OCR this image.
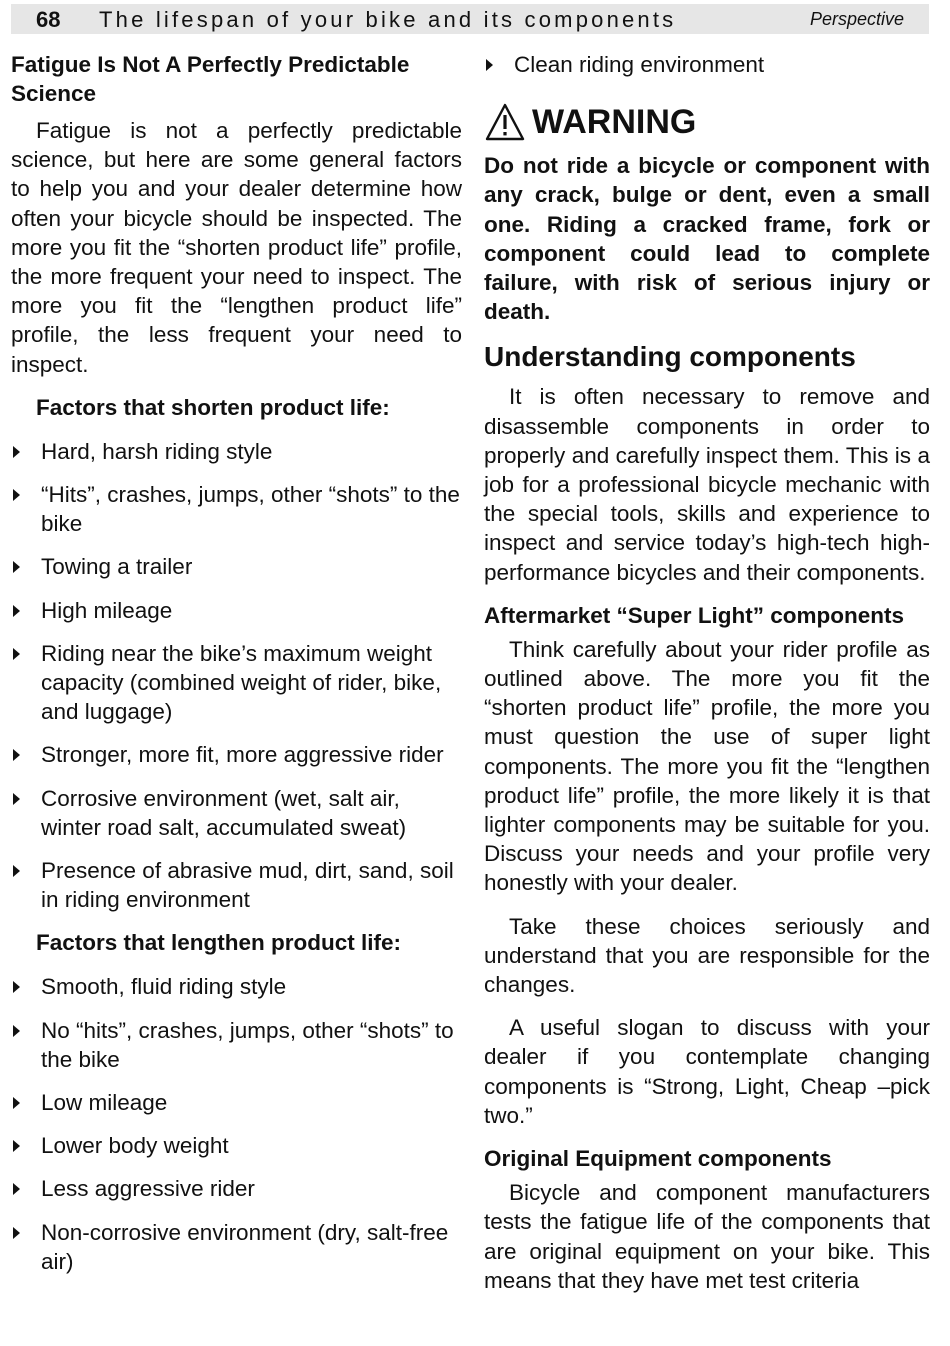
68 The lifespan of your bike and its components	Perspective
Fatigue Is Not A Perfectly Predictable Science

Fatigue is not a perfectly predictable science, but here are some general factors to help you and your dealer determine how often your bicycle should be inspected. The more you fit the “shorten product life” profile, the more frequent your need to inspect. The more you fit the “lengthen product life” profile, the less frequent your need to inspect.

Factors that shorten product life:
Hard, harsh riding style
“Hits”, crashes, jumps, other “shots” to the bike
Towing a trailer
High mileage
Riding near the bike’s maximum weight capacity (combined weight of rider, bike, and luggage)
Stronger, more fit, more aggressive rider
Corrosive environment (wet, salt air, winter road salt, accumulated sweat)
Presence of abrasive mud, dirt, sand, soil in riding environment
Factors that lengthen product life:
Smooth, fluid riding style
No “hits”, crashes, jumps, other “shots” to the bike
Low mileage
Lower body weight
Less aggressive rider
Non-corrosive environment (dry, salt-free air)
Clean riding environment
WARNING

Do not ride a bicycle or component with any crack, bulge or dent, even a small one. Riding a cracked frame, fork or component could lead to complete failure, with risk of serious injury or death.

Understanding components

It is often necessary to remove and disassemble components in order to properly and carefully inspect them. This is a job for a professional bicycle mechanic with the special tools, skills and experience to inspect and service today’s high-tech high-performance bicycles and their components.

Aftermarket “Super Light” components

Think carefully about your rider profile as outlined above. The more you fit the “shorten product life” profile, the more you must question the use of super light components. The more you fit the “lengthen product life” profile, the more likely it is that lighter components may be suitable for you. Discuss your needs and your profile very honestly with your dealer.

Take these choices seriously and understand that you are responsible for the changes.

A useful slogan to discuss with your dealer if you contemplate changing components is “Strong, Light, Cheap –pick two.”

Original Equipment components

Bicycle and component manufacturers tests the fatigue life of the components that are original equipment on your bike. This means that they have met test criteria
